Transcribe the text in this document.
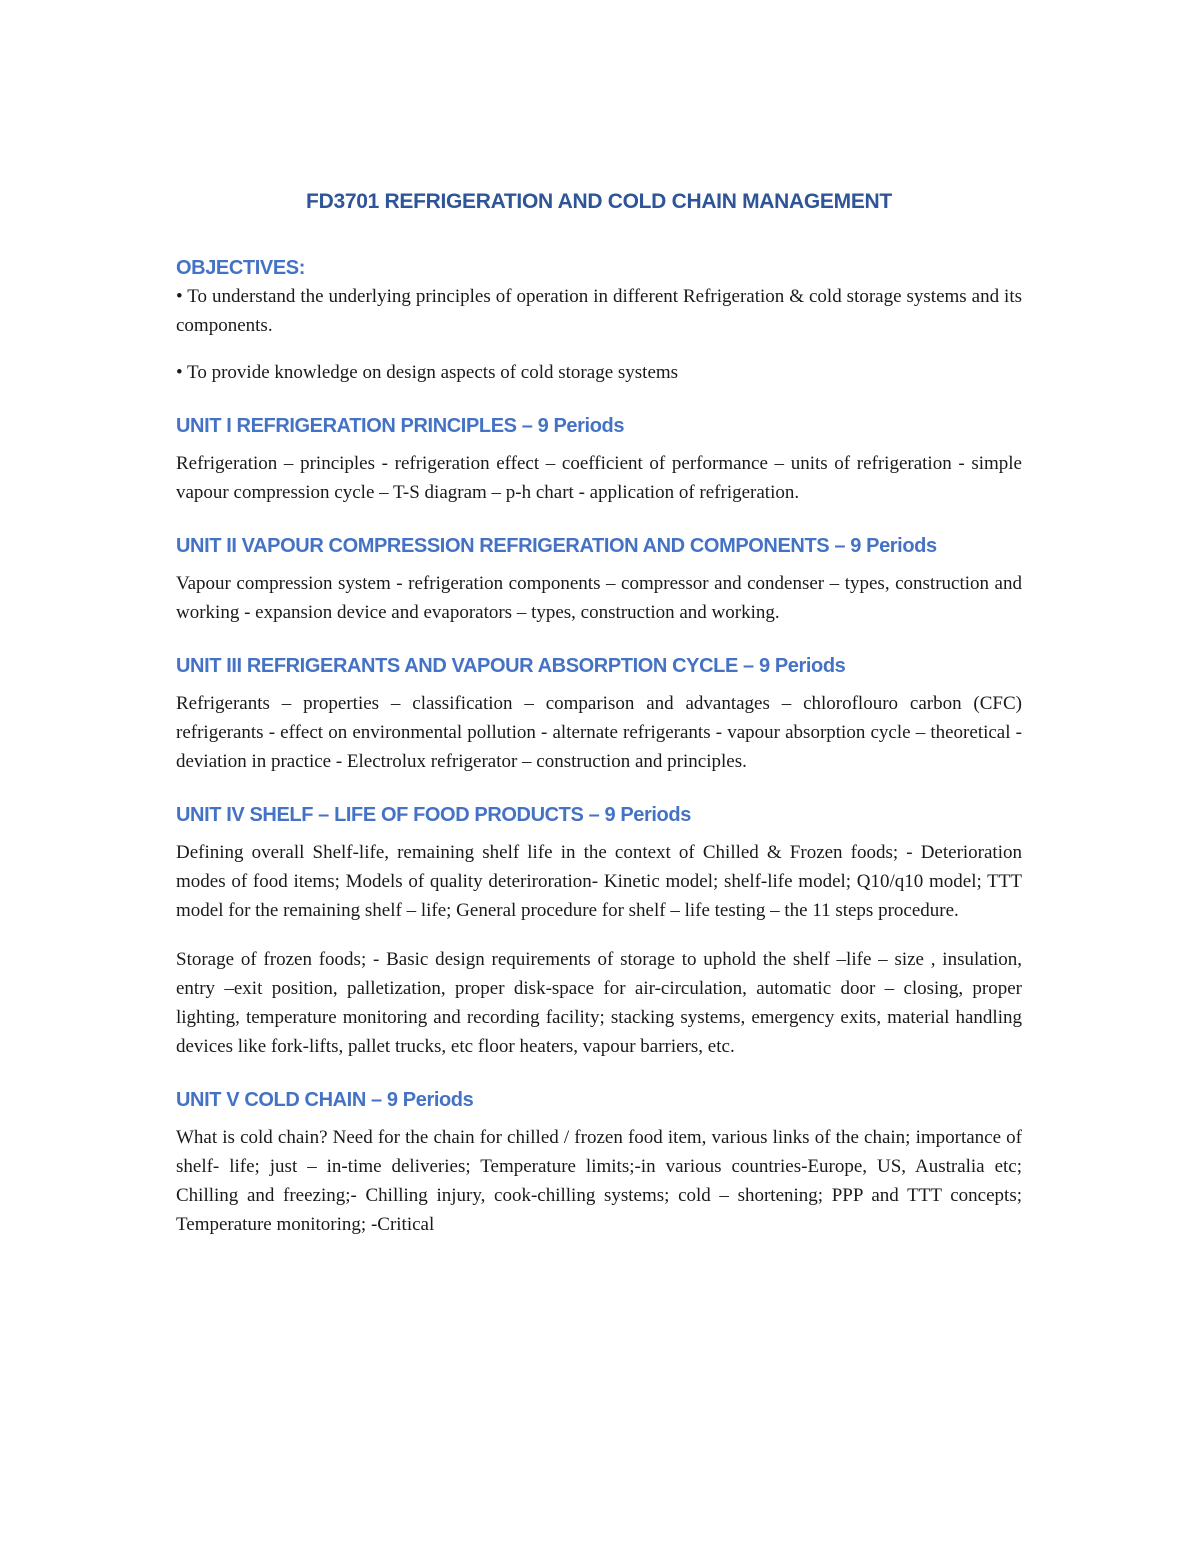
FD3701 REFRIGERATION AND COLD CHAIN MANAGEMENT
OBJECTIVES:

• To understand the underlying principles of operation in different Refrigeration & cold storage systems and its components.

• To provide knowledge on design aspects of cold storage systems

UNIT I REFRIGERATION PRINCIPLES – 9 Periods

Refrigeration – principles - refrigeration effect – coefficient of performance – units of refrigeration - simple vapour compression cycle – T-S diagram – p-h chart - application of refrigeration.

UNIT II VAPOUR COMPRESSION REFRIGERATION AND COMPONENTS – 9 Periods

Vapour compression system - refrigeration components – compressor and condenser – types, construction and working - expansion device and evaporators – types, construction and working.

UNIT III REFRIGERANTS AND VAPOUR ABSORPTION CYCLE – 9 Periods

Refrigerants – properties – classification – comparison and advantages – chloroflouro carbon (CFC) refrigerants - effect on environmental pollution - alternate refrigerants - vapour absorption cycle – theoretical - deviation in practice - Electrolux refrigerator – construction and principles.

UNIT IV SHELF – LIFE OF FOOD PRODUCTS – 9 Periods

Defining overall Shelf-life, remaining shelf life in the context of Chilled & Frozen foods; - Deterioration modes of food items; Models of quality deteriroration- Kinetic model; shelf-life model; Q10/q10 model; TTT model for the remaining shelf – life; General procedure for shelf – life testing – the 11 steps procedure.

Storage of frozen foods; - Basic design requirements of storage to uphold the shelf –life – size , insulation, entry –exit position, palletization, proper disk-space for air-circulation, automatic door – closing, proper lighting, temperature monitoring and recording facility; stacking systems, emergency exits, material handling devices like fork-lifts, pallet trucks, etc floor heaters, vapour barriers, etc.

UNIT V COLD CHAIN – 9 Periods

What is cold chain? Need for the chain for chilled / frozen food item, various links of the chain; importance of shelf- life; just – in-time deliveries; Temperature limits;-in various countries-Europe, US, Australia etc; Chilling and freezing;- Chilling injury, cook-chilling systems; cold – shortening; PPP and TTT concepts; Temperature monitoring; -Critical
